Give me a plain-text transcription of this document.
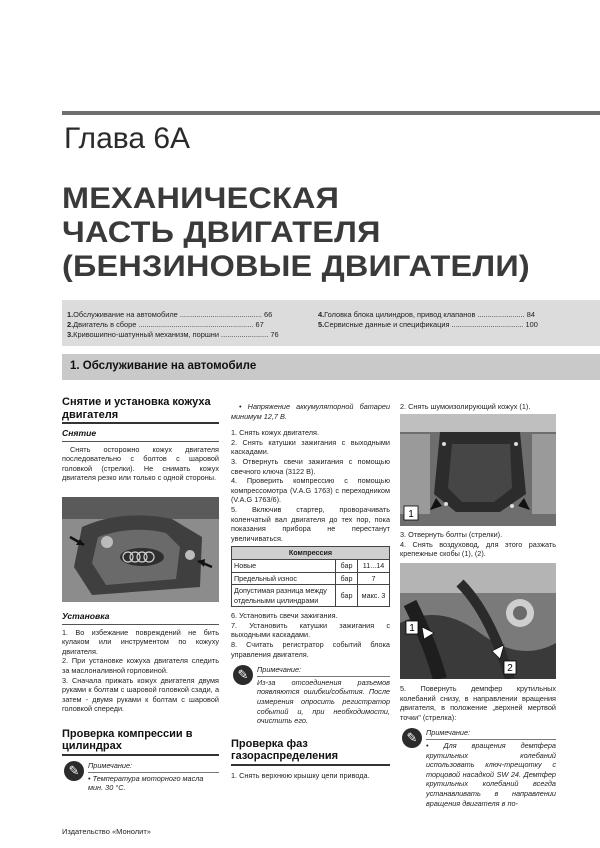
Глава 6А
МЕХАНИЧЕСКАЯ
ЧАСТЬ ДВИГАТЕЛЯ
(БЕНЗИНОВЫЕ ДВИГАТЕЛИ)
1.Обслуживание на автомобиле ........................................ 66
2.Двигатель в сборе ........................................................ 67
3.Кривошипно-шатунный механизм, поршни ....................... 76
4.Головка блока цилиндров, привод клапанов ....................... 84
5.Сервисные данные и спецификация ................................... 100
1. Обслуживание на автомобиле
Снятие и установка кожуха двигателя
Снятие
Снять осторожно кожух двигателя последовательно с болтов с шаровой головкой (стрелки). Не снимать кожух двигателя резко или только с одной стороны.
Установка
1. Во избежание повреждений не бить кулаком или инструментом по кожуху двигателя.
2. При установке кожуха двигателя следить за маслоналивной горловиной.
3. Сначала прижать кожух двигателя двумя руками к болтам с шаровой головкой сзади, а затем - двумя руками к болтам с шаровой головкой спереди.
Проверка компрессии в цилиндрах
✎	Примечание:
• Температура моторного масла мин. 30 °С.
• Напряжение аккумуляторной батареи минимум 12,7 В.
1. Снять кожух двигателя.
2. Снять катушки зажигания с выходными каскадами.
3. Отвернуть свечи зажигания с помощью свечного ключа (3122 B).
4. Проверить компрессию с помощью компрессомотра (V.A.G 1763) с переходником (V.A.G 1763/6).
5. Включив стартер, проворачивать коленчатый вал двигателя до тех пор, пока показания прибора не перестанут увеличиваться.
Компрессия		
Новые	бар	11...14
Предельный износ	бар	7
Допустимая разница между отдельными цилиндрами	бар	макс. 3
6. Установить свечи зажигания.
7. Установить катушки зажигания с выходными каскадами.
8. Считать регистратор событий блока управления двигателя.
✎	Примечание:
Из-за отсоединения разъемов появляются ошибки/события. После измерения опросить регистратор событий и, при необходимости, очистить его.
Проверка фаз газораспределения
1. Снять верхнюю крышку цепи привода.
2. Снять шумоизолирующий кожух (1).
1
3. Отвернуть болты (стрелки).
4. Снять воздуховод, для этого разжать крепежные скобы (1), (2).
1
2
5. Повернуть демпфер крутильных колебаний снизу, в направлении вращения двигателя, в положение „верхней мертвой точки" (стрелка):
✎	Примечание:
• Для вращения демпфера крутильных колебаний использовать ключ-трещотку с торцовой насадкой SW 24. Демпфер крутильных колебаний всегда устанавливать в направлении вращения двигателя в по-
Издательство «Монолит»
